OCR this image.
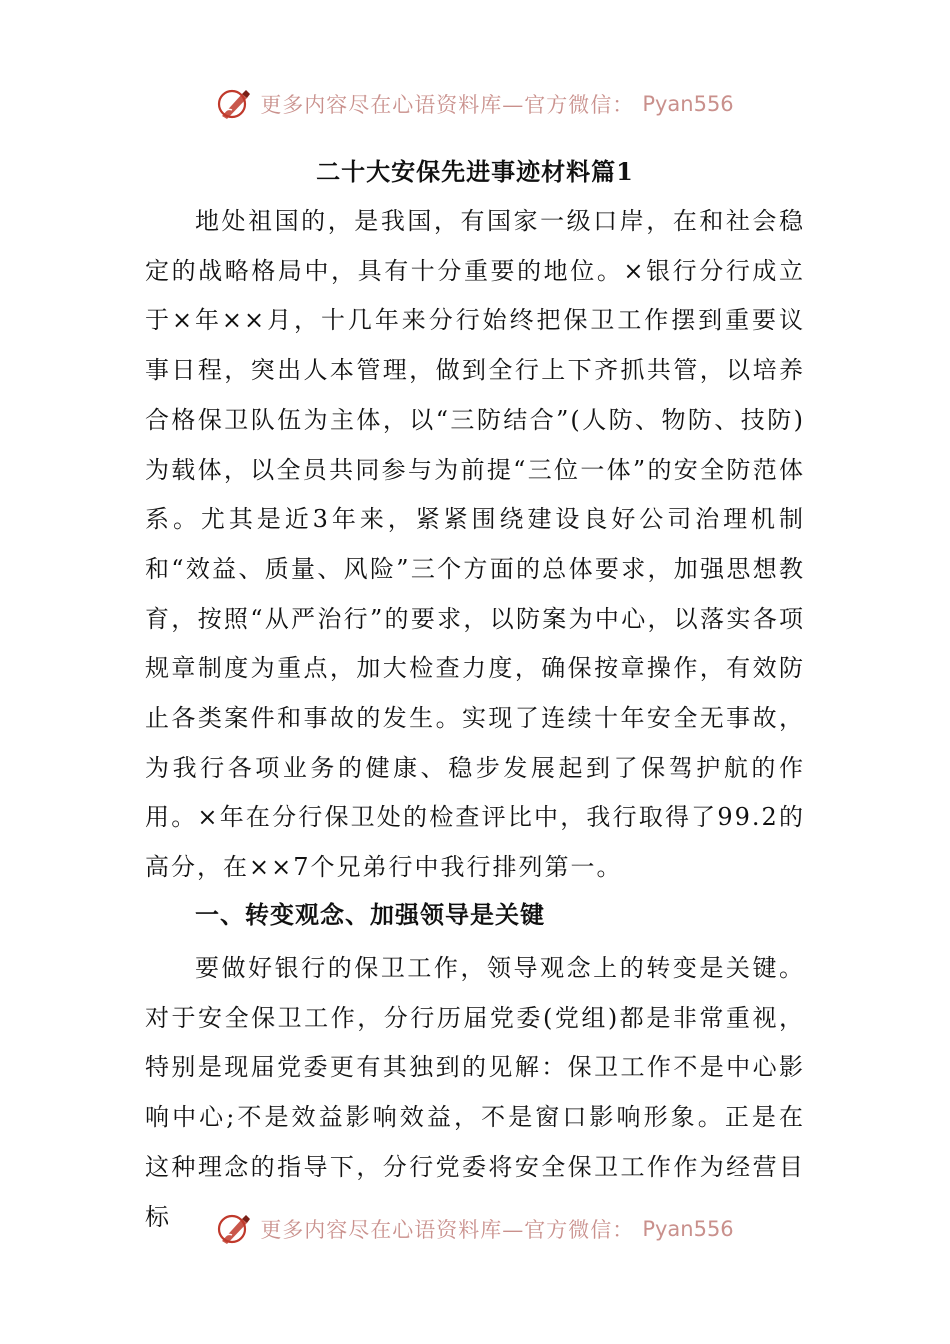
更多内容尽在心语资料库—官方微信： Pyan556
二十大安保先进事迹材料篇1

地处祖国的，是我国，有国家一级口岸，在和社会稳定的战略格局中，具有十分重要的地位。×银行分行成立于×年××月，十几年来分行始终把保卫工作摆到重要议事日程，突出人本管理，做到全行上下齐抓共管，以培养合格保卫队伍为主体，以“三防结合”(人防、物防、技防)为载体，以全员共同参与为前提“三位一体”的安全防范体系。尤其是近3年来，紧紧围绕建设良好公司治理机制和“效益、质量、风险”三个方面的总体要求，加强思想教育，按照“从严治行”的要求，以防案为中心，以落实各项规章制度为重点，加大检查力度，确保按章操作，有效防止各类案件和事故的发生。实现了连续十年安全无事故，为我行各项业务的健康、稳步发展起到了保驾护航的作用。×年在分行保卫处的检查评比中，我行取得了99.2的高分，在××7个兄弟行中我行排列第一。

一、转变观念、加强领导是关键

要做好银行的保卫工作，领导观念上的转变是关键。对于安全保卫工作，分行历届党委(党组)都是非常重视，特别是现届党委更有其独到的见解：保卫工作不是中心影响中心;不是效益影响效益，不是窗口影响形象。正是在这种理念的指导下，分行党委将安全保卫工作作为经营目标	更多内容尽在心语资料库—官方微信： Pyan556
